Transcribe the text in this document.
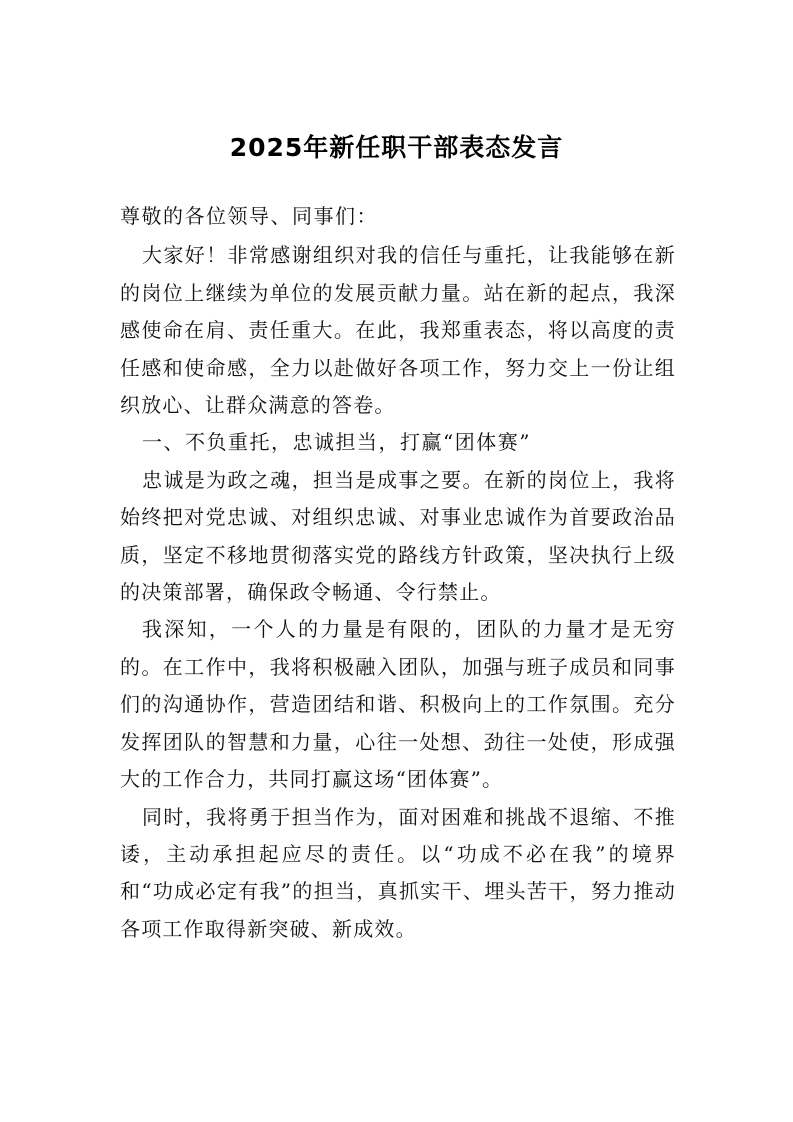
2025年新任职干部表态发言

尊敬的各位领导、同事们：

大家好！非常感谢组织对我的信任与重托，让我能够在新的岗位上继续为单位的发展贡献力量。站在新的起点，我深感使命在肩、责任重大。在此，我郑重表态，将以高度的责任感和使命感，全力以赴做好各项工作，努力交上一份让组织放心、让群众满意的答卷。

一、不负重托，忠诚担当，打赢“团体赛”

忠诚是为政之魂，担当是成事之要。在新的岗位上，我将始终把对党忠诚、对组织忠诚、对事业忠诚作为首要政治品质，坚定不移地贯彻落实党的路线方针政策，坚决执行上级的决策部署，确保政令畅通、令行禁止。

我深知，一个人的力量是有限的，团队的力量才是无穷的。在工作中，我将积极融入团队，加强与班子成员和同事们的沟通协作，营造团结和谐、积极向上的工作氛围。充分发挥团队的智慧和力量，心往一处想、劲往一处使，形成强大的工作合力，共同打赢这场“团体赛”。

同时，我将勇于担当作为，面对困难和挑战不退缩、不推诿，主动承担起应尽的责任。以“功成不必在我”的境界和“功成必定有我”的担当，真抓实干、埋头苦干，努力推动各项工作取得新突破、新成效。
